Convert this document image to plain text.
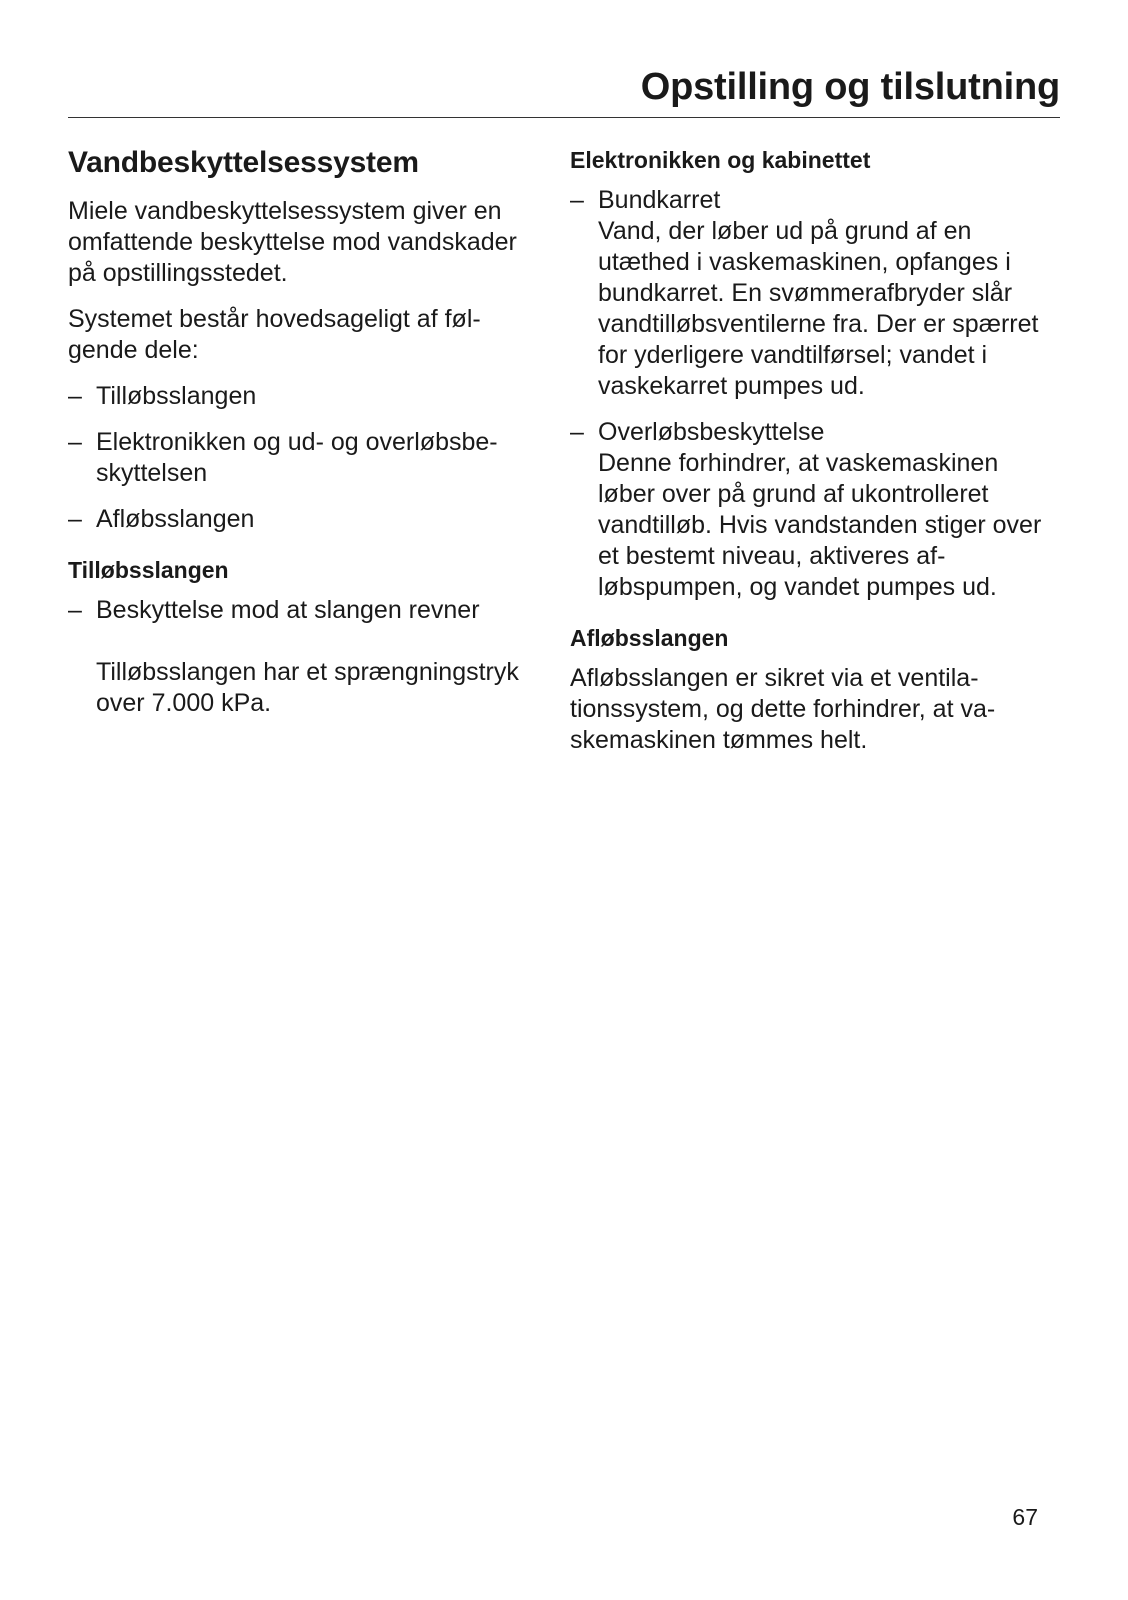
Opstilling og tilslutning
Vandbeskyttelsessystem

Miele vandbeskyttelsessystem giver en omfattende beskyttelse mod vandskader på opstillingsstedet.

Systemet består hovedsageligt af følgende dele:

– Tilløbsslangen
– Elektronikken og ud- og overløbsbeskyttelsen
– Afløbsslangen
Tilløbsslangen
– Beskyttelse mod at slangen revner
Tilløbsslangen har et sprængningstryk over 7.000 kPa.
Elektronikken og kabinettet
– Bundkarret
Vand, der løber ud på grund af en utæthed i vaskemaskinen, opfanges i bundkarret. En svømmerafbryder slår vandtilløbsventilerne fra. Der er spærret for yderligere vandtilførsel; vandet i vaskekarret pumpes ud.
– Overløbsbeskyttelse
Denne forhindrer, at vaskemaskinen løber over på grund af ukontrolleret vandtilløb. Hvis vandstanden stiger over et bestemt niveau, aktiveres afløbspumpen, og vandet pumpes ud.
Afløbsslangen

Afløbsslangen er sikret via et ventilationssystem, og dette forhindrer, at vaskemaskinen tømmes helt.

67
